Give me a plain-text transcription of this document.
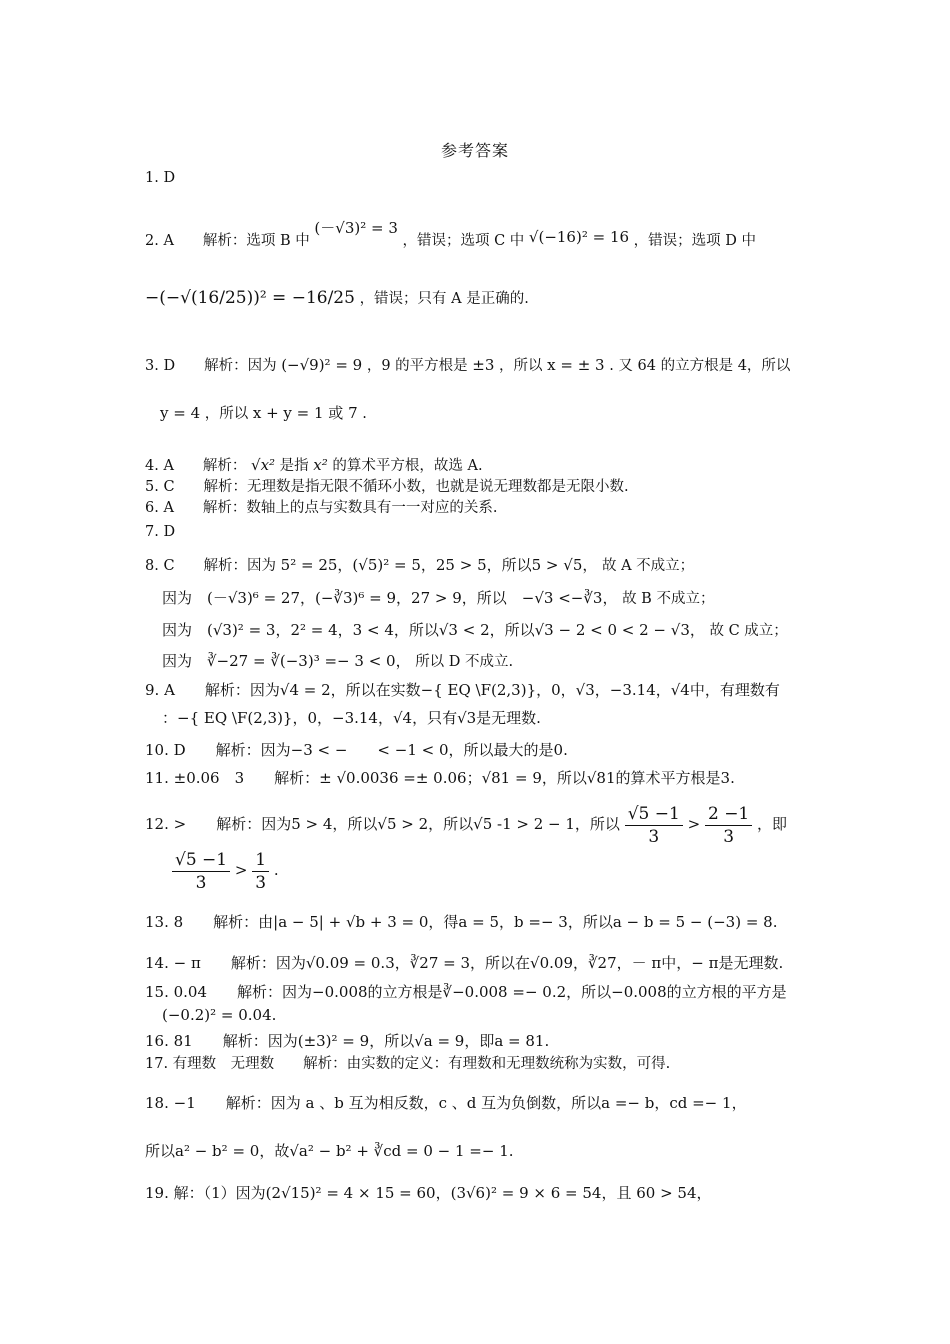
参考答案
1. D
2. A　　解析：选项 B 中 (－√3)² = 3 ，错误；选项 C 中 √(−16)² = 16 ，错误；选项 D 中
−(−√(16/25))² = −16/25 ，错误；只有 A 是正确的.
3. D　　解析：因为 (−√9)² = 9 ，9 的平方根是 ±3 ，所以 x = ± 3 . 又 64 的立方根是 4，所以
y = 4 ，所以 x + y = 1 或 7 .
4. A　　解析： √x² 是指 x² 的算术平方根，故选 A.
5. C　　解析：无理数是指无限不循环小数，也就是说无理数都是无限小数.
6. A　　解析：数轴上的点与实数具有一一对应的关系.
7. D
8. C　　解析：因为 5² = 25，(√5)² = 5，25 > 5，所以5 > √5， 故 A 不成立；
因为　(－√3)⁶ = 27，(−∛3)⁶ = 9，27 > 9，所以　−√3 <−∛3， 故 B 不成立；
因为　(√3)² = 3，2² = 4，3 < 4，所以√3 < 2，所以√3 − 2 < 0 < 2 − √3， 故 C 成立；
因为　∛−27 = ∛(−3)³ =− 3 < 0， 所以 D 不成立.
9. A　　解析：因为√4 = 2，所以在实数−{ EQ \F(2,3)}，0，√3，−3.14，√4中，有理数有
：−{ EQ \F(2,3)}，0，−3.14，√4，只有√3是无理数.
10. D　　解析：因为−3 < −　　< −1 < 0，所以最大的是0.
11. ±0.06　3　　解析：± √0.0036 =± 0.06；√81 = 9，所以√81的算术平方根是3.
12. >　　解析：因为5 > 4，所以√5 > 2，所以√5 -1 > 2 − 1，所以 $\frac{√5 -1}{3} > \frac{2 -1}{3}$ ，即
$\frac{√5 -1}{3} > \frac{1}{3}$ .
13. 8　　解析：由|a − 5| + √b + 3 = 0，得a = 5，b =− 3，所以a − b = 5 − (−3) = 8.
14. − π　　解析：因为√0.09 = 0.3，∛27 = 3，所以在√0.09，∛27，－ π中，− π是无理数.
15. 0.04　　解析：因为−0.008的立方根是∛−0.008 =− 0.2，所以−0.008的立方根的平方是
(−0.2)² = 0.04.
16. 81　　解析：因为(±3)² = 9，所以√a = 9，即a = 81.
17. 有理数　无理数　　解析：由实数的定义：有理数和无理数统称为实数，可得.
18. −1　　解析：因为 a 、b 互为相反数，c 、d 互为负倒数，所以a =− b，cd =− 1，
所以a² − b² = 0，故√a² − b² + ∛cd = 0 − 1 =− 1.
19. 解：（1）因为(2√15)² = 4 × 15 = 60，(3√6)² = 9 × 6 = 54，且 60 > 54，
